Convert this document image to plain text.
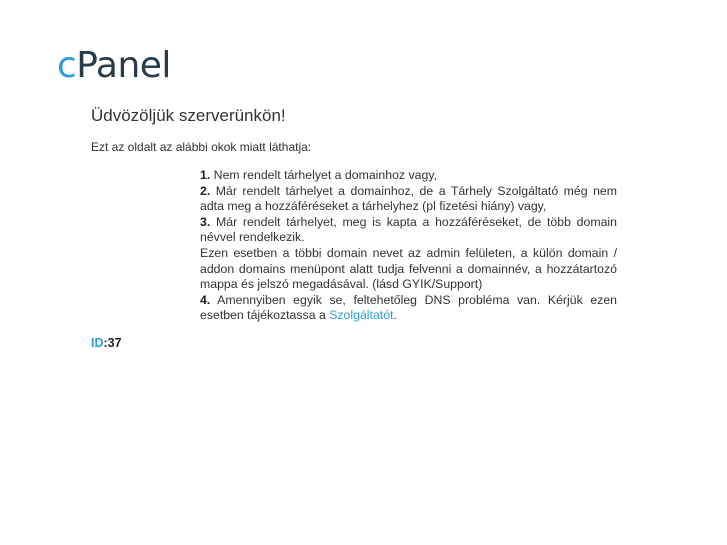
cPanel
Üdvözöljük szerverünkön!
Ezt az oldalt az alábbi okok miatt láthatja:
1. Nem rendelt tárhelyet a domainhoz vagy,
2. Már rendelt tárhelyet a domainhoz, de a Tárhely Szolgáltató még nem adta meg a hozzáféréseket a tárhelyhez (pl fizetési hiány) vagy,
3. Már rendelt tárhelyet, meg is kapta a hozzáféréseket, de több domain névvel rendelkezik.
Ezen esetben a többi domain nevet az admin felületen, a külön domain / addon domains menüpont alatt tudja felvenni a domainnév, a hozzátartozó mappa és jelszó megadásával. (lásd GYIK/Support)
4. Amennyiben egyik se, feltehetőleg DNS probléma van. Kérjük ezen esetben tájékoztassa a Szolgáltatót.
ID:37
